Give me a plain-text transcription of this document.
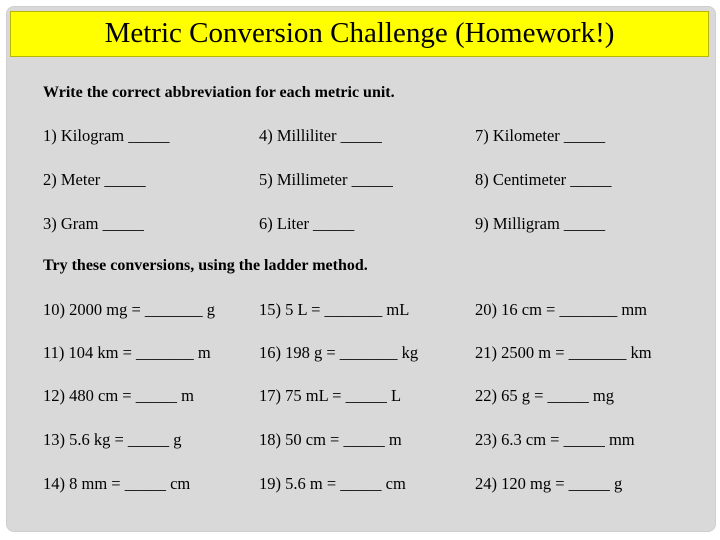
Metric Conversion Challenge (Homework!)
Write the correct abbreviation for each metric unit.
1) Kilogram _____
2) Meter _____
3) Gram _____
4) Milliliter _____
5) Millimeter _____
6) Liter _____
7) Kilometer _____
8) Centimeter _____
9) Milligram _____
Try these conversions, using the ladder method.
10) 2000 mg = _______ g
11) 104 km = _______ m
12) 480 cm = _____ m
13) 5.6 kg = _____ g
14) 8 mm = _____ cm
15) 5 L = _______ mL
16) 198 g = _______ kg
17) 75 mL = _____ L
18) 50 cm = _____ m
19) 5.6 m = _____ cm
20) 16 cm = _______ mm
21) 2500 m = _______ km
22) 65 g = _____ mg
23) 6.3 cm = _____ mm
24) 120 mg = _____ g
